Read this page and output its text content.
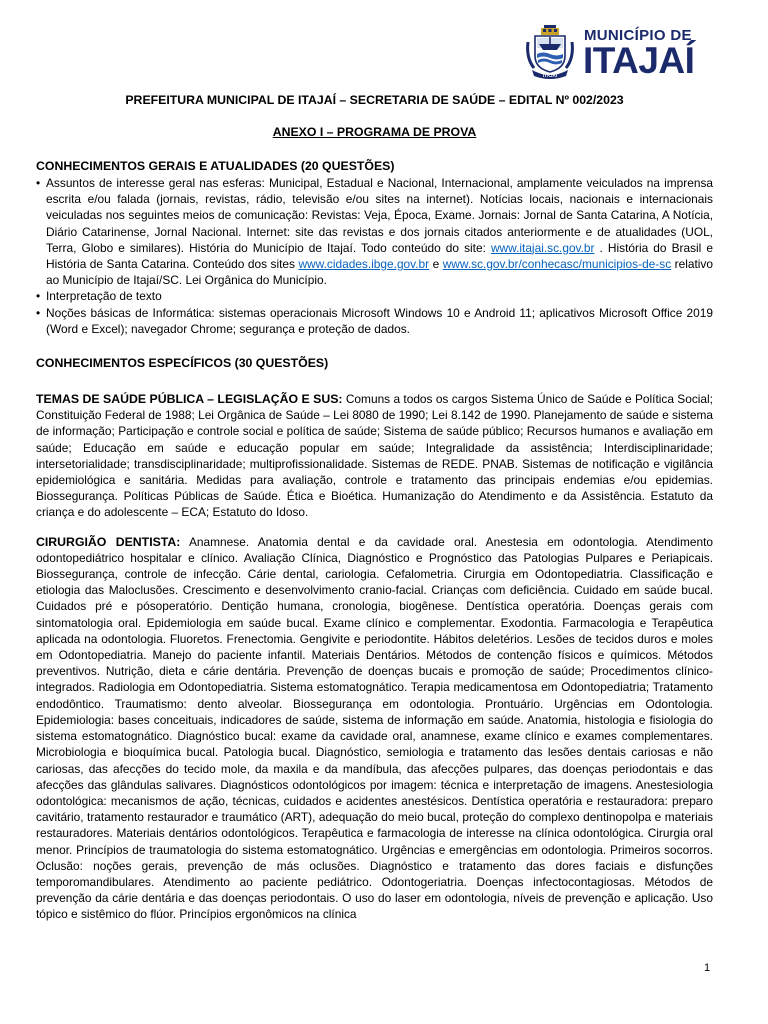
ITAJAÍ
MUNICÍPIO DE
ITAJAÍ

PREFEITURA MUNICIPAL DE ITAJAÍ – SECRETARIA DE SAÚDE – EDITAL Nº 002/2023

ANEXO I – PROGRAMA DE PROVA

CONHECIMENTOS GERAIS E ATUALIDADES (20 QUESTÕES)

• Assuntos de interesse geral nas esferas: Municipal, Estadual e Nacional, Internacional, amplamente veiculados na imprensa escrita e/ou falada (jornais, revistas, rádio, televisão e/ou sites na internet). Notícias locais, nacionais e internacionais veiculadas nos seguintes meios de comunicação: Revistas: Veja, Época, Exame. Jornais: Jornal de Santa Catarina, A Notícia, Diário Catarinense, Jornal Nacional. Internet: site das revistas e dos jornais citados anteriormente e de atualidades (UOL, Terra, Globo e similares). História do Município de Itajaí. Todo conteúdo do site: www.itajai.sc.gov.br . História do Brasil e História de Santa Catarina. Conteúdo dos sites www.cidades.ibge.gov.br e www.sc.gov.br/conhecasc/municipios-de-sc relativo ao Município de Itajaí/SC. Lei Orgânica do Município.
• Interpretação de texto
• Noções básicas de Informática: sistemas operacionais Microsoft Windows 10 e Android 11; aplicativos Microsoft Office 2019 (Word e Excel); navegador Chrome; segurança e proteção de dados.

CONHECIMENTOS ESPECÍFICOS (30 QUESTÕES)

TEMAS DE SAÚDE PÚBLICA – LEGISLAÇÃO E SUS: Comuns a todos os cargos Sistema Único de Saúde e Política Social; Constituição Federal de 1988; Lei Orgânica de Saúde – Lei 8080 de 1990; Lei 8.142 de 1990. Planejamento de saúde e sistema de informação; Participação e controle social e política de saúde; Sistema de saúde público; Recursos humanos e avaliação em saúde; Educação em saúde e educação popular em saúde; Integralidade da assistência; Interdisciplinaridade; intersetorialidade; transdisciplinaridade; multiprofissionalidade. Sistemas de REDE. PNAB. Sistemas de notificação e vigilância epidemiológica e sanitária. Medidas para avaliação, controle e tratamento das principais endemias e/ou epidemias. Biossegurança. Políticas Públicas de Saúde. Ética e Bioética. Humanização do Atendimento e da Assistência. Estatuto da criança e do adolescente – ECA; Estatuto do Idoso.

CIRURGIÃO DENTISTA: Anamnese. Anatomia dental e da cavidade oral. Anestesia em odontologia. Atendimento odontopediátrico hospitalar e clínico. Avaliação Clínica, Diagnóstico e Prognóstico das Patologias Pulpares e Periapicais. Biossegurança, controle de infecção. Cárie dental, cariologia. Cefalometria. Cirurgia em Odontopediatria. Classificação e etiologia das Maloclusões. Crescimento e desenvolvimento cranio-facial. Crianças com deficiência. Cuidado em saúde bucal. Cuidados pré e pósoperatório. Dentição humana, cronologia, biogênese. Dentística operatória. Doenças gerais com sintomatologia oral. Epidemiologia em saúde bucal. Exame clínico e complementar. Exodontia. Farmacologia e Terapêutica aplicada na odontologia. Fluoretos. Frenectomia. Gengivite e periodontite. Hábitos deletérios. Lesões de tecidos duros e moles em Odontopediatria. Manejo do paciente infantil. Materiais Dentários. Métodos de contenção físicos e químicos. Métodos preventivos. Nutrição, dieta e cárie dentária. Prevenção de doenças bucais e promoção de saúde; Procedimentos clínico-integrados. Radiologia em Odontopediatria. Sistema estomatognático. Terapia medicamentosa em Odontopediatria; Tratamento endodôntico. Traumatismo: dento alveolar. Biossegurança em odontologia. Prontuário. Urgências em Odontologia. Epidemiologia: bases conceituais, indicadores de saúde, sistema de informação em saúde. Anatomia, histologia e fisiologia do sistema estomatognático. Diagnóstico bucal: exame da cavidade oral, anamnese, exame clínico e exames complementares. Microbiologia e bioquímica bucal. Patologia bucal. Diagnóstico, semiologia e tratamento das lesões dentais cariosas e não cariosas, das afecções do tecido mole, da maxila e da mandíbula, das afecções pulpares, das doenças periodontais e das afecções das glândulas salivares. Diagnósticos odontológicos por imagem: técnica e interpretação de imagens. Anestesiologia odontológica: mecanismos de ação, técnicas, cuidados e acidentes anestésicos. Dentística operatória e restauradora: preparo cavitário, tratamento restaurador e traumático (ART), adequação do meio bucal, proteção do complexo dentinopolpa e materiais restauradores. Materiais dentários odontológicos. Terapêutica e farmacologia de interesse na clínica odontológica. Cirurgia oral menor. Princípios de traumatologia do sistema estomatognático. Urgências e emergências em odontologia. Primeiros socorros. Oclusão: noções gerais, prevenção de más oclusões. Diagnóstico e tratamento das dores faciais e disfunções temporomandibulares. Atendimento ao paciente pediátrico. Odontogeriatria. Doenças infectocontagiosas. Métodos de prevenção da cárie dentária e das doenças periodontais. O uso do laser em odontologia, níveis de prevenção e aplicação. Uso tópico e sistêmico do flúor. Princípios ergonômicos na clínica

1
